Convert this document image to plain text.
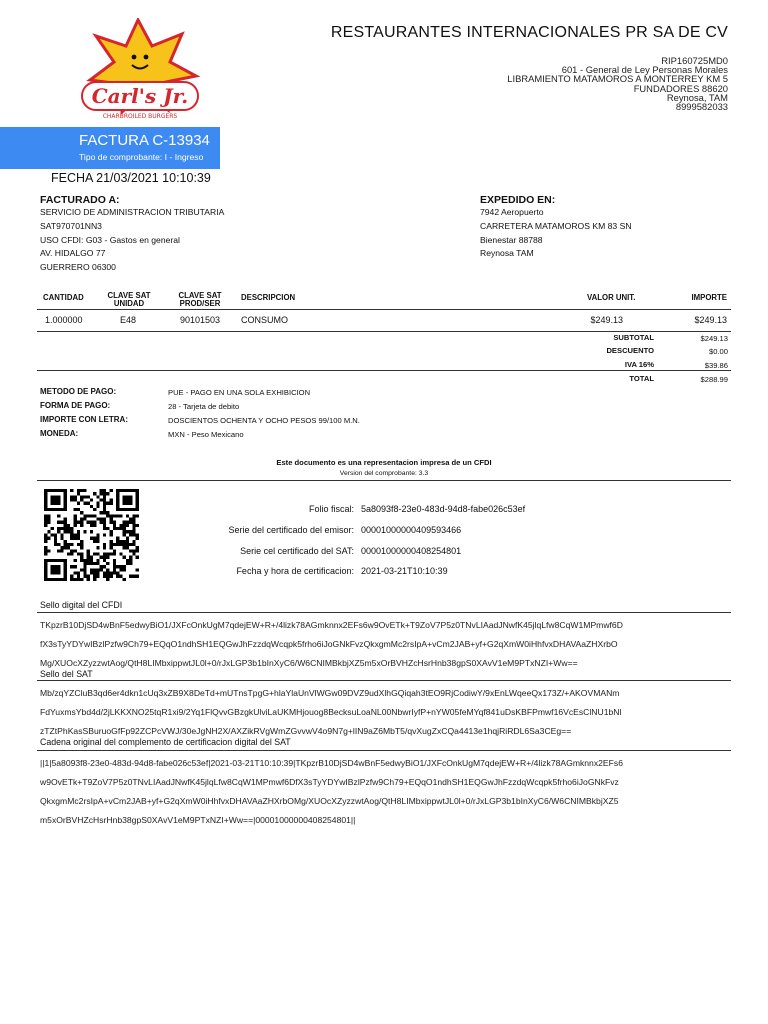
Carl's Jr.
CHARBROILED BURGERS
RESTAURANTES INTERNACIONALES PR SA DE CV
RIP160725MD0
601 - General de Ley Personas Morales
LIBRAMIENTO MATAMOROS A MONTERREY KM 5
FUNDADORES 88620
Reynosa, TAM
8999582033
FACTURA C-13934
Tipo de comprobante: I - Ingreso
FECHA 21/03/2021 10:10:39
FACTURADO A:
SERVICIO DE ADMINISTRACION TRIBUTARIA
SAT970701NN3
USO CFDI: G03 - Gastos en general
AV. HIDALGO 77
GUERRERO 06300
EXPEDIDO EN:
7942 Aeropuerto
CARRETERA MATAMOROS KM 83 SN
Bienestar 88788
Reynosa TAM
CANTIDAD	CLAVE SAT
UNIDAD
CLAVE SAT
PROD/SER
DESCRIPCION	VALOR UNIT.	IMPORTE
1.000000	E48	90101503 CONSUMO	$249.13	$249.13
SUBTOTAL	$249.13
DESCUENTO	$0.00
IVA 16%	$39.86
TOTAL	$288.99
METODO DE PAGO:	PUE - PAGO EN UNA SOLA EXHIBICION
FORMA DE PAGO:	28 - Tarjeta de debito
IMPORTE CON LETRA:	DOSCIENTOS OCHENTA Y OCHO PESOS 99/100 M.N.
MONEDA:	MXN - Peso Mexicano
Este documento es una representacion impresa de un CFDI
Version del comprobante: 3.3
Folio fiscal: 5a8093f8-23e0-483d-94d8-fabe026c53ef
Serie del certificado del emisor: 00001000000409593466
Serie cel certificado del SAT: 00001000000408254801
Fecha y hora de certificacion: 2021-03-21T10:10:39
Sello digital del CFDI
TKpzrB10DjSD4wBnF5edwyBiO1/JXFcOnkUgM7qdejEW+R+/4lizk78AGmknnx2EFs6w9OvETk+T9ZoV7P5z0TNvLIAadJNwfK45jlqLfw8CqW1MPmwf6D
fX3sTyYDYwIBzlPzfw9Ch79+EQqO1ndhSH1EQGwJhFzzdqWcqpk5frho6iJoGNkFvzQkxgmMc2rsIpA+vCm2JAB+yf+G2qXmW0iHhfvxDHAVAaZHXrbO
Mg/XUOcXZyzzwtAog/QtH8LIMbxippwtJL0l+0/rJxLGP3b1bInXyC6/W6CNIMBkbjXZ5m5xOrBVHZcHsrHnb38gpS0XAvV1eM9PTxNZI+Ww==
Sello del SAT
Mb/zqYZCluB3qd6er4dkn1cUq3xZB9X8DeTd+mUTnsTpgG+hlaYlaUnVlWGw09DVZ9udXlhGQiqah3tEO9RjCodiwY/9xEnLWqeeQx173Z/+AKOVMANm
FdYuxmsYbd4d/2jLKKXNO25tqR1xi9/2Yq1FlQvvGBzgkUlviLaUKMHjouog8BecksuLoaNL00NbwrIyfP+nYW05feMYqf841uDsKBFPmwf16VcEsClNU1bNl
zTZtPhKasSBuruoGfFp92ZCPcVWJ/30eJgNH2X/AXZikRVgWmZGvvwV4o9N7g+lIN9aZ6MbT5/qvXugZxCQa4413e1hqjRiRDL6Sa3CEg==
Cadena original del complemento de certificacion digital del SAT
||1|5a8093f8-23e0-483d-94d8-fabe026c53ef|2021-03-21T10:10:39|TKpzrB10DjSD4wBnF5edwyBiO1/JXFcOnkUgM7qdejEW+R+/4lizk78AGmknnx2EFs6
w9OvETk+T9ZoV7P5z0TNvLIAadJNwfK45jlqLfw8CqW1MPmwf6DfX3sTyYDYwIBzlPzfw9Ch79+EQqO1ndhSH1EQGwJhFzzdqWcqpk5frho6iJoGNkFvz
QkxgmMc2rsIpA+vCm2JAB+yf+G2qXmW0iHhfvxDHAVAaZHXrbOMg/XUOcXZyzzwtAog/QtH8LIMbxippwtJL0l+0/rJxLGP3b1bInXyC6/W6CNIMBkbjXZ5
m5xOrBVHZcHsrHnb38gpS0XAvV1eM9PTxNZI+Ww==|00001000000408254801||
